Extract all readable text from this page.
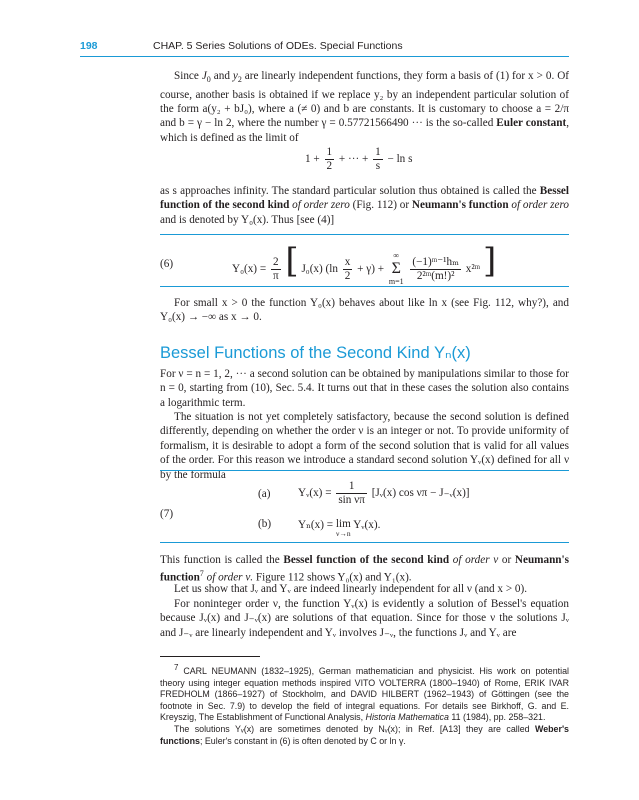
198	CHAP. 5 Series Solutions of ODEs. Special Functions

Since $J_0$ and $y_2$ are linearly independent functions, they form a basis of (1) for x > 0. Of course, another basis is obtained if we replace y₂ by an independent particular solution of the form a(y₂ + bJ₀), where a (≠ 0) and b are constants. It is customary to choose a = 2/π and b = γ − ln 2, where the number γ = 0.57721566490 ··· is the so-called Euler constant, which is defined as the limit of

$1 + \frac{1}{2}$ + ··· + $\frac{1}{s} - \ln s$

as s approaches infinity. The standard particular solution thus obtained is called the Bessel function of the second kind of order zero (Fig. 112) or Neumann's function of order zero and is denoted by Y₀(x). Thus [see (4)]

(6)	$Y_0(x) = \frac{2}{\pi}$ [ J₀(x) $(\ln \frac{x}{2} + \gamma)$ +
∞
Σ
m=1
$\frac{\text{(−1)ᵐ⁻¹hₘ}}{\text{2²ᵐ(m!)²}}$ x²ᵐ ]

For small x > 0 the function Y₀(x) behaves about like ln x (see Fig. 112, why?), and Y₀(x) → −∞ as x → 0.

Bessel Functions of the Second Kind Yₙ(x)

For ν = n = 1, 2, ··· a second solution can be obtained by manipulations similar to those for n = 0, starting from (10), Sec. 5.4. It turns out that in these cases the solution also contains a logarithmic term.

The situation is not yet completely satisfactory, because the second solution is defined differently, depending on whether the order ν is an integer or not. To provide uniformity of formalism, it is desirable to adopt a form of the second solution that is valid for all values of the order. For this reason we introduce a standard second solution Yᵥ(x) defined for all ν by the formula

(7)
(a) Yᵥ(x) = $\frac{1}{\text{sin νπ}}$ [Jᵥ(x) cos νπ − J₋ᵥ(x)]
(b) Yₙ(x) = lim
ν→n
Yᵥ(x).

This function is called the Bessel function of the second kind of order ν or Neumann's function$^7$ of order ν. Figure 112 shows Y₀(x) and Y₁(x).

Let us show that Jᵥ and Yᵥ are indeed linearly independent for all ν (and x > 0).

For noninteger order ν, the function Yᵥ(x) is evidently a solution of Bessel's equation because Jᵥ(x) and J₋ᵥ(x) are solutions of that equation. Since for those ν the solutions Jᵥ and J₋ᵥ are linearly independent and Yᵥ involves J₋ᵥ, the functions Jᵥ and Yᵥ are

$^7$ CARL NEUMANN (1832–1925), German mathematician and physicist. His work on potential theory using integer equation methods inspired VITO VOLTERRA (1800–1940) of Rome, ERIK IVAR FREDHOLM (1866–1927) of Stockholm, and DAVID HILBERT (1962–1943) of Göttingen (see the footnote in Sec. 7.9) to develop the field of integral equations. For details see Birkhoff, G. and E. Kreyszig, The Establishment of Functional Analysis, Historia Mathematica 11 (1984), pp. 258–321.

The solutions Yᵥ(x) are sometimes denoted by Nᵥ(x); in Ref. [A13] they are called Weber's functions; Euler's constant in (6) is often denoted by C or ln γ.
